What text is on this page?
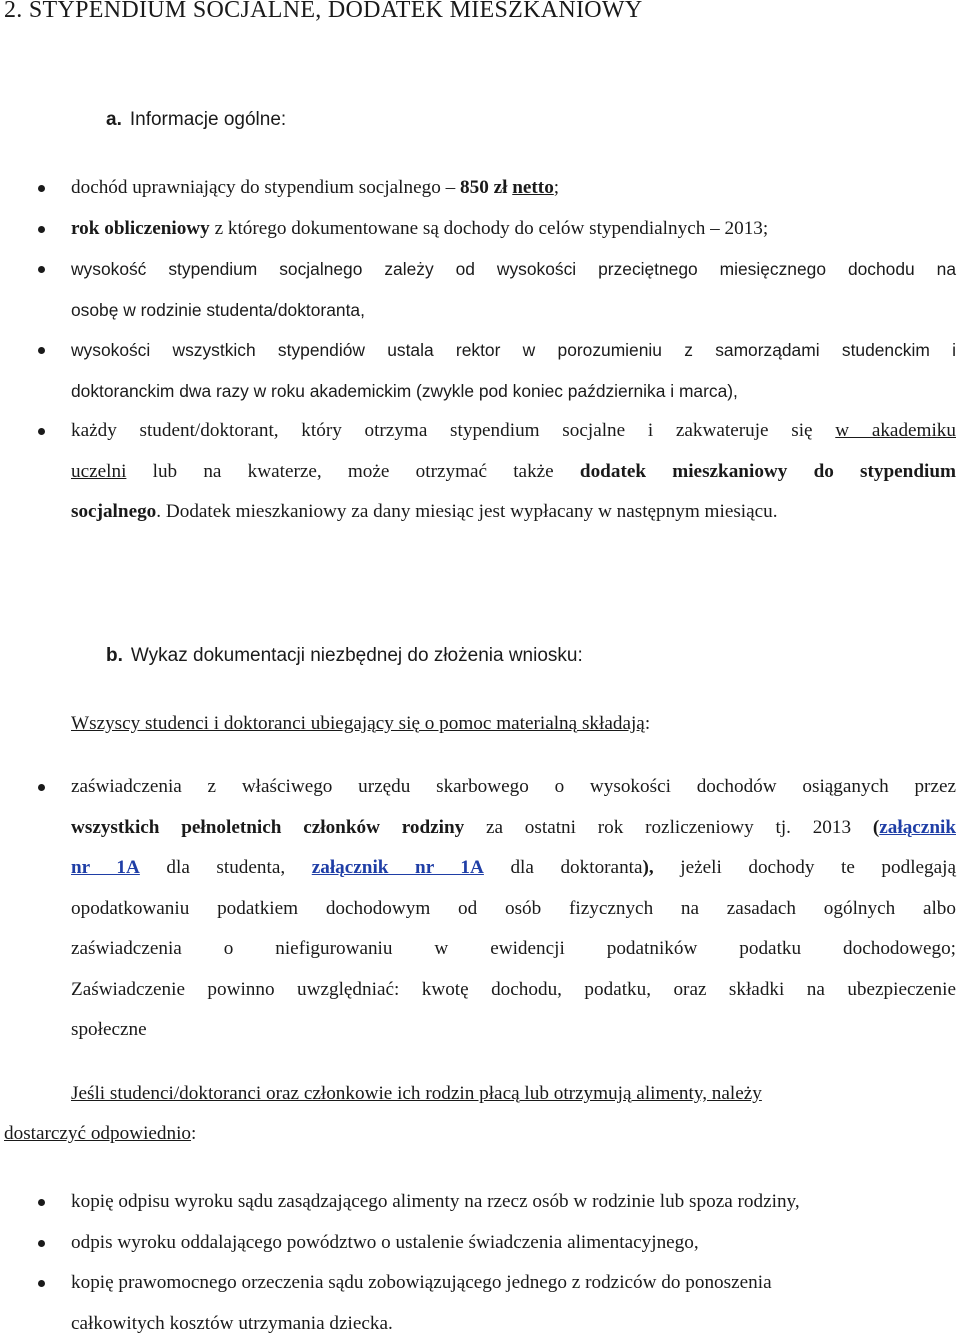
2. STYPENDIUM SOCJALNE, DODATEK MIESZKANIOWY
a. Informacje ogólne:
dochód uprawniający do stypendium socjalnego – 850 zł netto;
rok obliczeniowy z którego dokumentowane są dochody do celów stypendialnych – 2013;
wysokość stypendium socjalnego zależy od wysokości przeciętnego miesięcznego dochodu na
osobę w rodzinie studenta/doktoranta,
wysokości wszystkich stypendiów ustala rektor w porozumieniu z samorządami studenckim i
doktoranckim dwa razy w roku akademickim (zwykle pod koniec października i marca),
każdy student/doktorant, który otrzyma stypendium socjalne i zakwateruje się w akademiku
uczelni lub na kwaterze, może otrzymać także dodatek mieszkaniowy do stypendium
socjalnego. Dodatek mieszkaniowy za dany miesiąc jest wypłacany w następnym miesiącu.
b. Wykaz dokumentacji niezbędnej do złożenia wniosku:
Wszyscy studenci i doktoranci ubiegający się o pomoc materialną składają:
zaświadczenia z właściwego urzędu skarbowego o wysokości dochodów osiąganych przez
wszystkich pełnoletnich członków rodziny za ostatni rok rozliczeniowy tj. 2013 (załącznik
nr 1A dla studenta, załącznik nr 1A dla doktoranta), jeżeli dochody te podlegają
opodatkowaniu podatkiem dochodowym od osób fizycznych na zasadach ogólnych albo
zaświadczenia o niefigurowaniu w ewidencji podatników podatku dochodowego;
Zaświadczenie powinno uwzględniać: kwotę dochodu, podatku, oraz składki na ubezpieczenie
społeczne
Jeśli studenci/doktoranci oraz członkowie ich rodzin płacą lub otrzymują alimenty, należy
dostarczyć odpowiednio:
kopię odpisu wyroku sądu zasądzającego alimenty na rzecz osób w rodzinie lub spoza rodziny,
odpis wyroku oddalającego powództwo o ustalenie świadczenia alimentacyjnego,
kopię prawomocnego orzeczenia sądu zobowiązującego jednego z rodziców do ponoszenia
całkowitych kosztów utrzymania dziecka.
